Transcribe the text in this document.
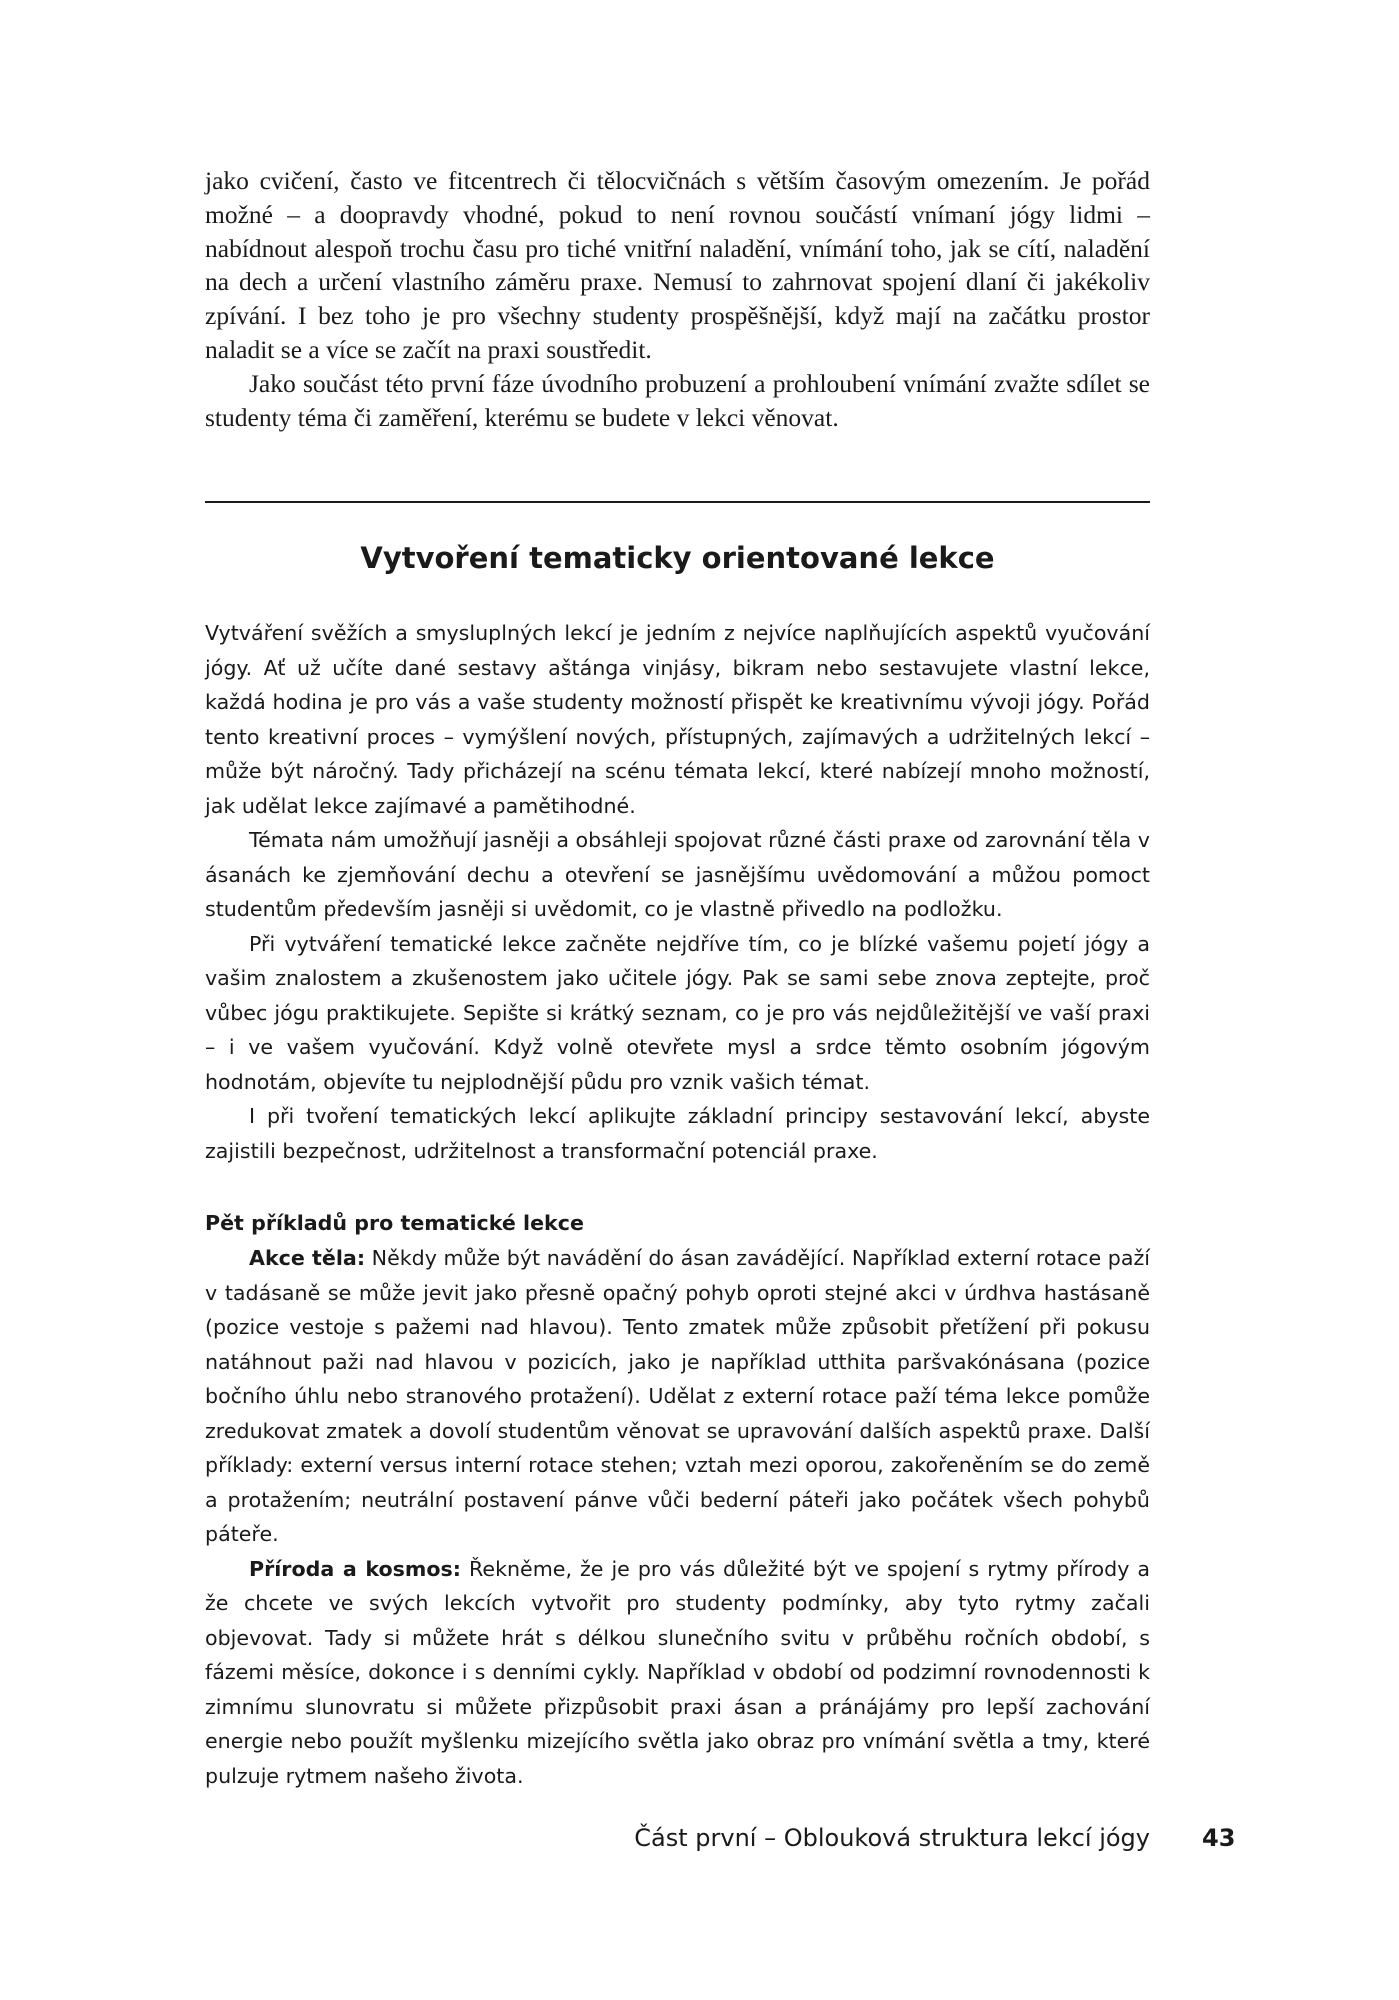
jako cvičení, často ve fitcentrech či tělocvičnách s větším časovým omezením. Je pořád možné – a doopravdy vhodné, pokud to není rovnou součástí vnímaní jógy lidmi – nabídnout alespoň trochu času pro tiché vnitřní naladění, vnímání toho, jak se cítí, naladění na dech a určení vlastního záměru praxe. Nemusí to zahrnovat spojení dlaní či jakékoliv zpívání. I bez toho je pro všechny studenty prospěšnější, když mají na začátku prostor naladit se a více se začít na praxi soustředit.

Jako součást této první fáze úvodního probuzení a prohloubení vnímání zvažte sdílet se studenty téma či zaměření, kterému se budete v lekci věnovat.

Vytvoření tematicky orientované lekce

Vytváření svěžích a smysluplných lekcí je jedním z nejvíce naplňujících aspektů vyučování jógy. Ať už učíte dané sestavy aštánga vinjásy, bikram nebo sestavujete vlastní lekce, každá hodina je pro vás a vaše studenty možností přispět ke kreativnímu vývoji jógy. Pořád tento kreativní proces – vymýšlení nových, přístupných, zajímavých a udržitelných lekcí – může být náročný. Tady přicházejí na scénu témata lekcí, které nabízejí mnoho možností, jak udělat lekce zajímavé a pamětihodné.

Témata nám umožňují jasněji a obsáhleji spojovat různé části praxe od zarovnání těla v ásanách ke zjemňování dechu a otevření se jasnějšímu uvědomování a můžou pomoct studentům především jasněji si uvědomit, co je vlastně přivedlo na podložku.

Při vytváření tematické lekce začněte nejdříve tím, co je blízké vašemu pojetí jógy a vašim znalostem a zkušenostem jako učitele jógy. Pak se sami sebe znova zeptejte, proč vůbec jógu praktikujete. Sepište si krátký seznam, co je pro vás nejdůležitější ve vaší praxi – i ve vašem vyučování. Když volně otevřete mysl a srdce těmto osobním jógovým hodnotám, objevíte tu nejplodnější půdu pro vznik vašich témat.

I při tvoření tematických lekcí aplikujte základní principy sestavování lekcí, abyste zajistili bezpečnost, udržitelnost a transformační potenciál praxe.

Pět příkladů pro tematické lekce

Akce těla: Někdy může být navádění do ásan zavádějící. Například externí rotace paží v tadásaně se může jevit jako přesně opačný pohyb oproti stejné akci v úrdhva hastásaně (pozice vestoje s pažemi nad hlavou). Tento zmatek může způsobit přetížení při pokusu natáhnout paži nad hlavou v pozicích, jako je například utthita paršvakónásana (pozice bočního úhlu nebo stranového protažení). Udělat z externí rotace paží téma lekce pomůže zredukovat zmatek a dovolí studentům věnovat se upravování dalších aspektů praxe. Další příklady: externí versus interní rotace stehen; vztah mezi oporou, zakořeněním se do země a protažením; neutrální postavení pánve vůči bederní páteři jako počátek všech pohybů páteře.

Příroda a kosmos: Řekněme, že je pro vás důležité být ve spojení s rytmy přírody a že chcete ve svých lekcích vytvořit pro studenty podmínky, aby tyto rytmy začali objevovat. Tady si můžete hrát s délkou slunečního svitu v průběhu ročních období, s fázemi měsíce, dokonce i s denními cykly. Například v období od podzimní rovnodennosti k zimnímu slunovratu si můžete přizpůsobit praxi ásan a pránájámy pro lepší zachování energie nebo použít myšlenku mizejícího světla jako obraz pro vnímání světla a tmy, které pulzuje rytmem našeho života.

Část první – Oblouková struktura lekcí jógy 43
